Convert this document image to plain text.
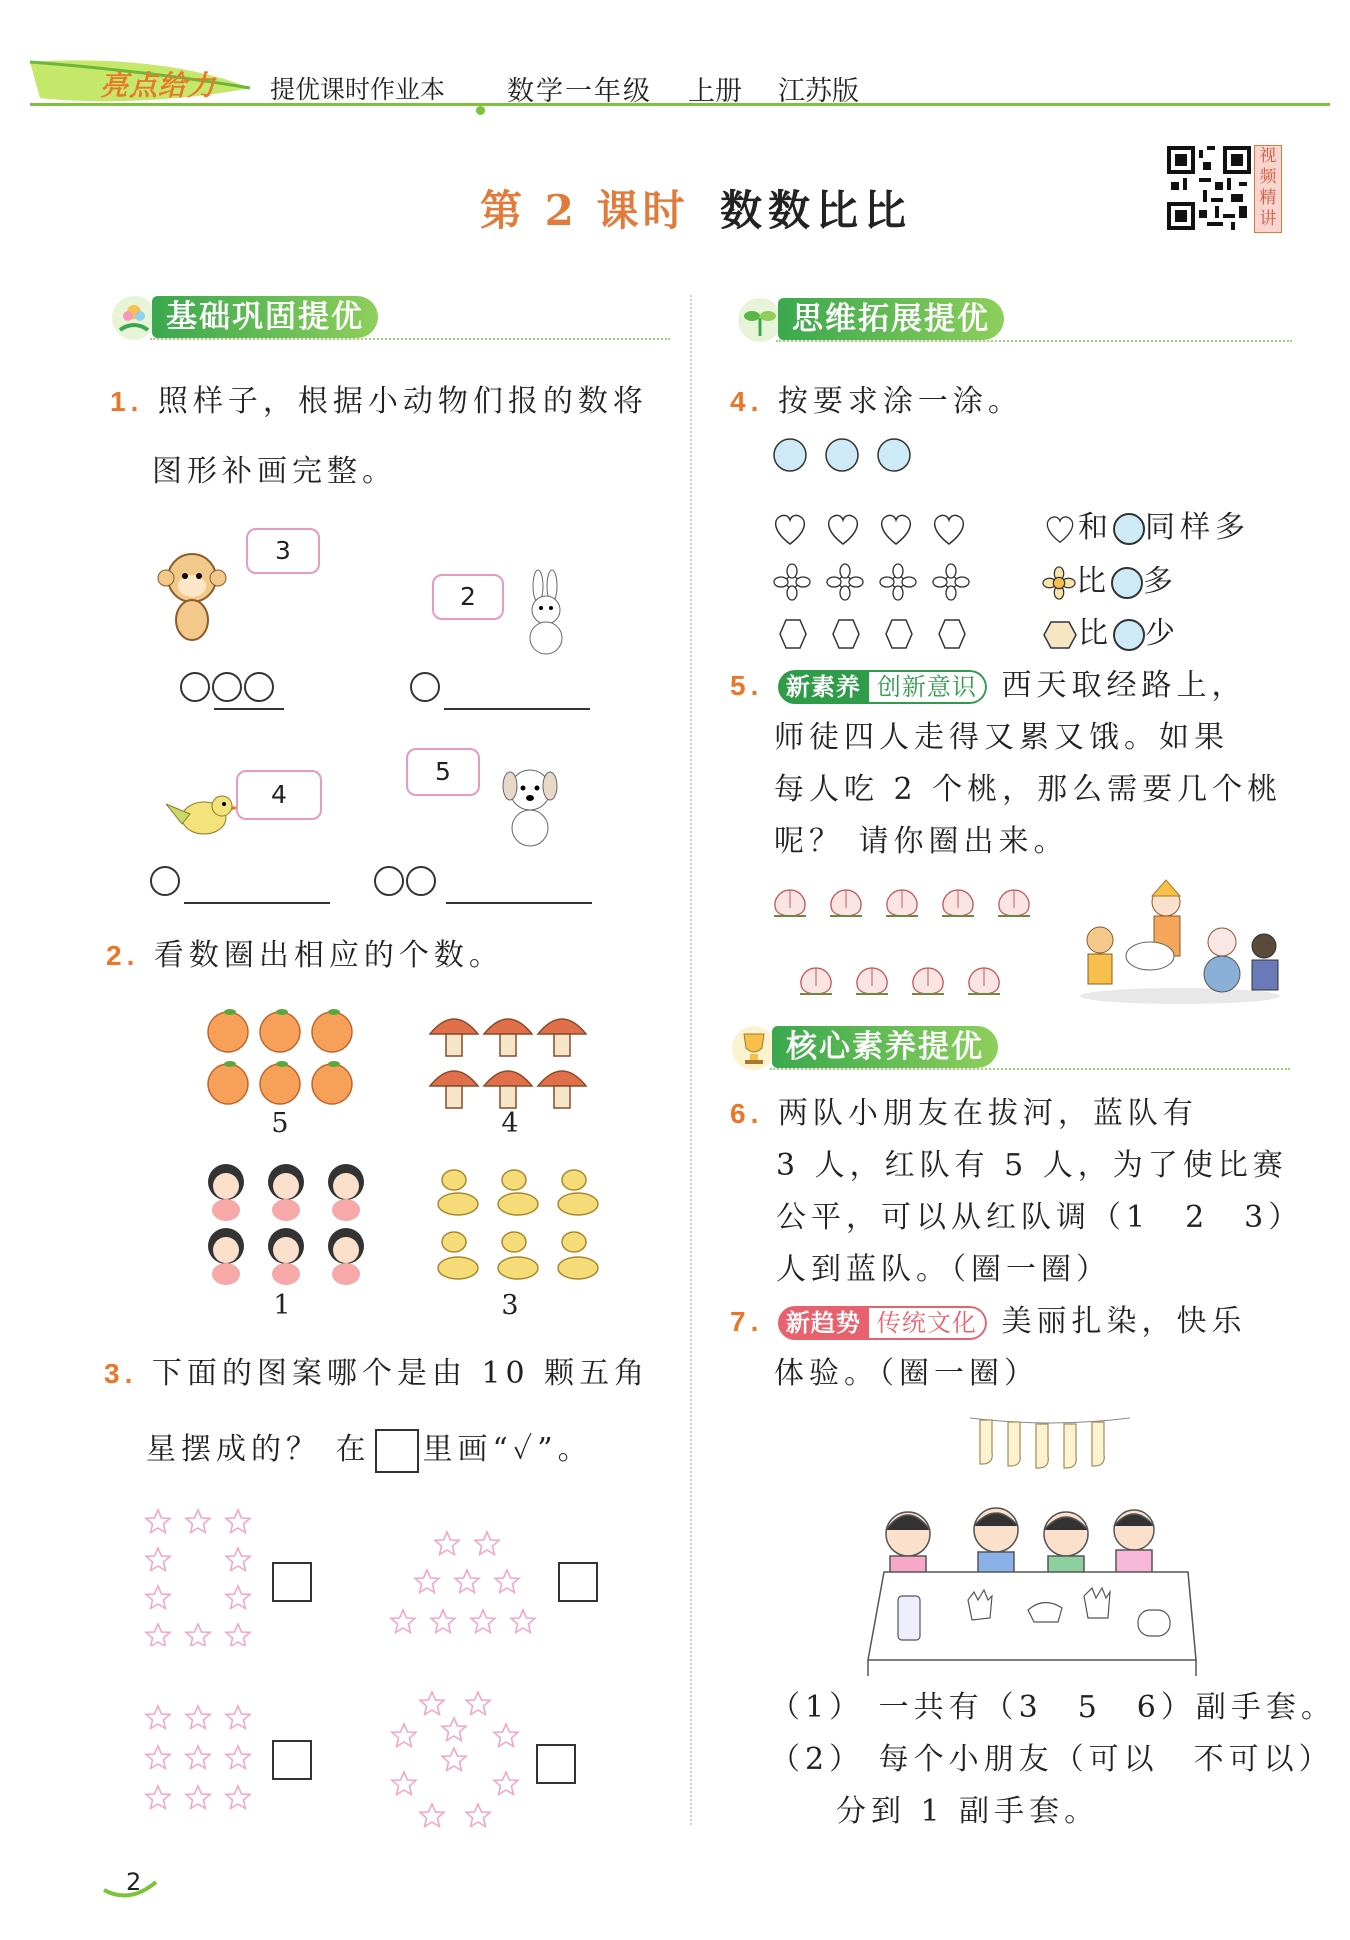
亮点给力 提优课时作业本 数学一年级 上册 江苏版
第 2 课时 数数比比
视频精讲
基础巩固提优
1. 照样子，根据小动物们报的数将
图形补画完整。
3
2
4
5
2. 看数圈出相应的个数。
5	4
1	3
3. 下面的图案哪个是由 10 颗五角
星摆成的？ 在 里画“✓”。
思维拓展提优
4. 按要求涂一涂。
和 同样多
比 多
比 少
5. 新素养 创新意识 西天取经路上，
师徒四人走得又累又饿。如果
每人吃 2 个桃，那么需要几个桃
呢？ 请你圈出来。
核心素养提优
6. 两队小朋友在拔河，蓝队有
3 人，红队有 5 人，为了使比赛
公平，可以从红队调（1　2　3）
人到蓝队。（圈一圈）
7. 新趋势 传统文化 美丽扎染，快乐
体验。（圈一圈）
（1） 一共有（3　5　6）副手套。
（2） 每个小朋友（可以　不可以）
分到 1 副手套。
2
